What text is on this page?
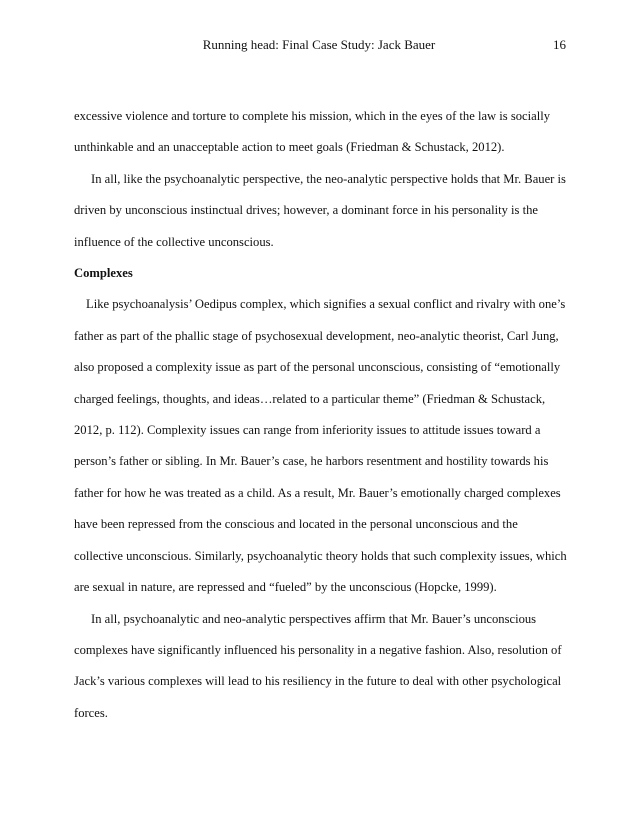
Running head: Final Case Study: Jack Bauer	16

excessive violence and torture to complete his mission, which in the eyes of the law is socially unthinkable and an unacceptable action to meet goals (Friedman & Schustack, 2012).

In all, like the psychoanalytic perspective, the neo-analytic perspective holds that Mr. Bauer is driven by unconscious instinctual drives; however, a dominant force in his personality is the influence of the collective unconscious.

Complexes

Like psychoanalysis’ Oedipus complex, which signifies a sexual conflict and rivalry with one’s father as part of the phallic stage of psychosexual development, neo-analytic theorist, Carl Jung, also proposed a complexity issue as part of the personal unconscious, consisting of “emotionally charged feelings, thoughts, and ideas…related to a particular theme” (Friedman & Schustack, 2012, p. 112). Complexity issues can range from inferiority issues to attitude issues toward a person’s father or sibling. In Mr. Bauer’s case, he harbors resentment and hostility towards his father for how he was treated as a child. As a result, Mr. Bauer’s emotionally charged complexes have been repressed from the conscious and located in the personal unconscious and the collective unconscious. Similarly, psychoanalytic theory holds that such complexity issues, which are sexual in nature, are repressed and “fueled” by the unconscious (Hopcke, 1999).

In all, psychoanalytic and neo-analytic perspectives affirm that Mr. Bauer’s unconscious complexes have significantly influenced his personality in a negative fashion. Also, resolution of Jack’s various complexes will lead to his resiliency in the future to deal with other psychological forces.
